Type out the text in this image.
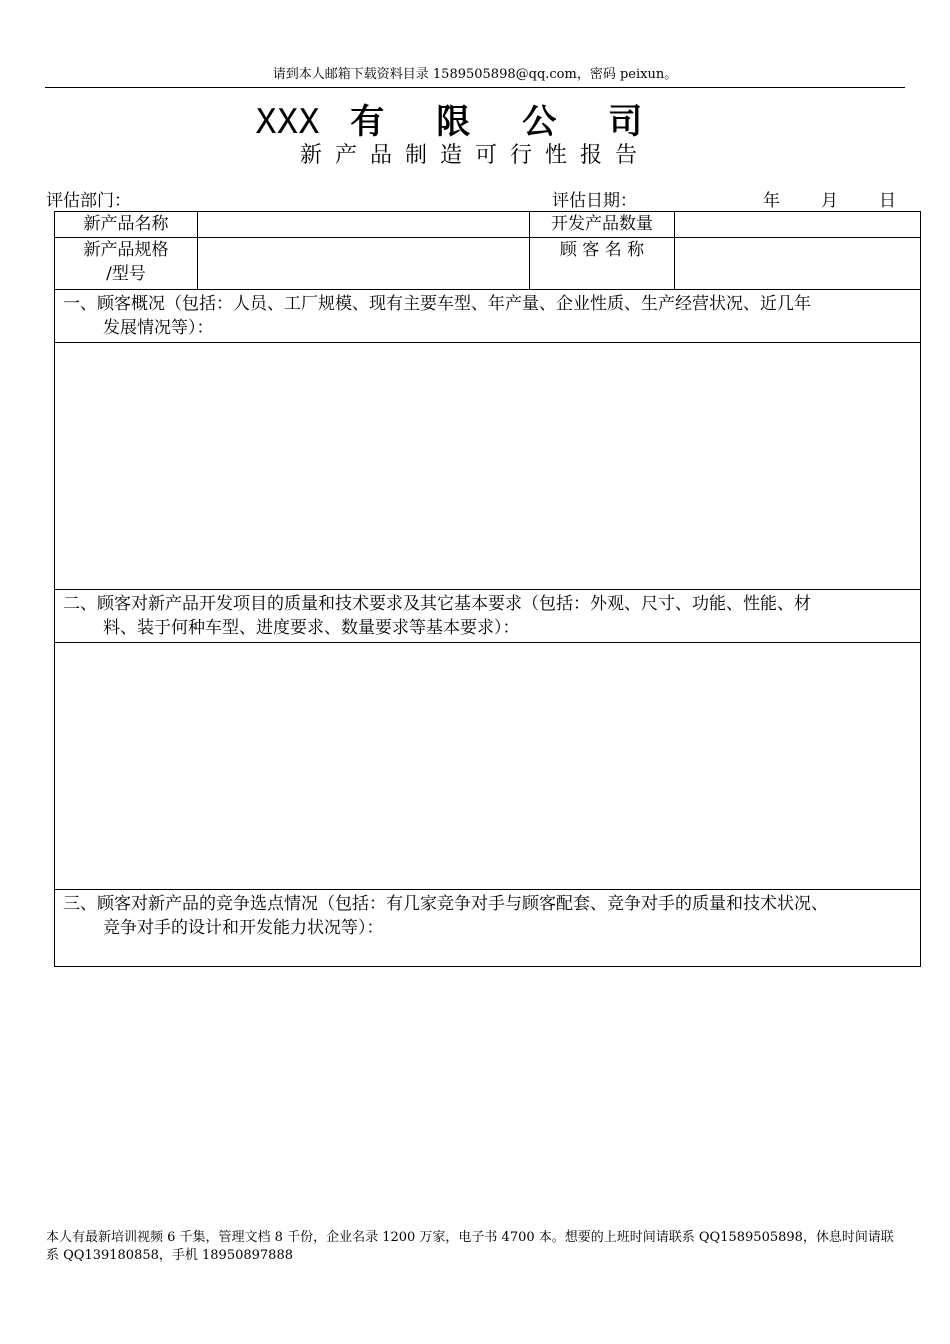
请到本人邮箱下载资料目录 1589505898@qq.com，密码 peixun。
XXX 有限公司
新产品制造可行性报告
评估部门：	评估日期：	年 月 日
新产品名称		开发产品数量	

新产品规格
/型号		顾 客 名 称	
一、顾客概况（包括：人员、工厂规模、现有主要车型、年产量、企业性质、生产经营状况、近几年
发展情况等）：			

二、顾客对新产品开发项目的质量和技术要求及其它基本要求（包括：外观、尺寸、功能、性能、材
料、装于何种车型、进度要求、数量要求等基本要求）：			

三、顾客对新产品的竞争选点情况（包括：有几家竞争对手与顾客配套、竞争对手的质量和技术状况、
竞争对手的设计和开发能力状况等）：			
本人有最新培训视频 6 千集，管理文档 8 千份，企业名录 1200 万家，电子书 4700 本。想要的上班时间请联系 QQ1589505898，休息时间请联系 QQ139180858，手机 18950897888
